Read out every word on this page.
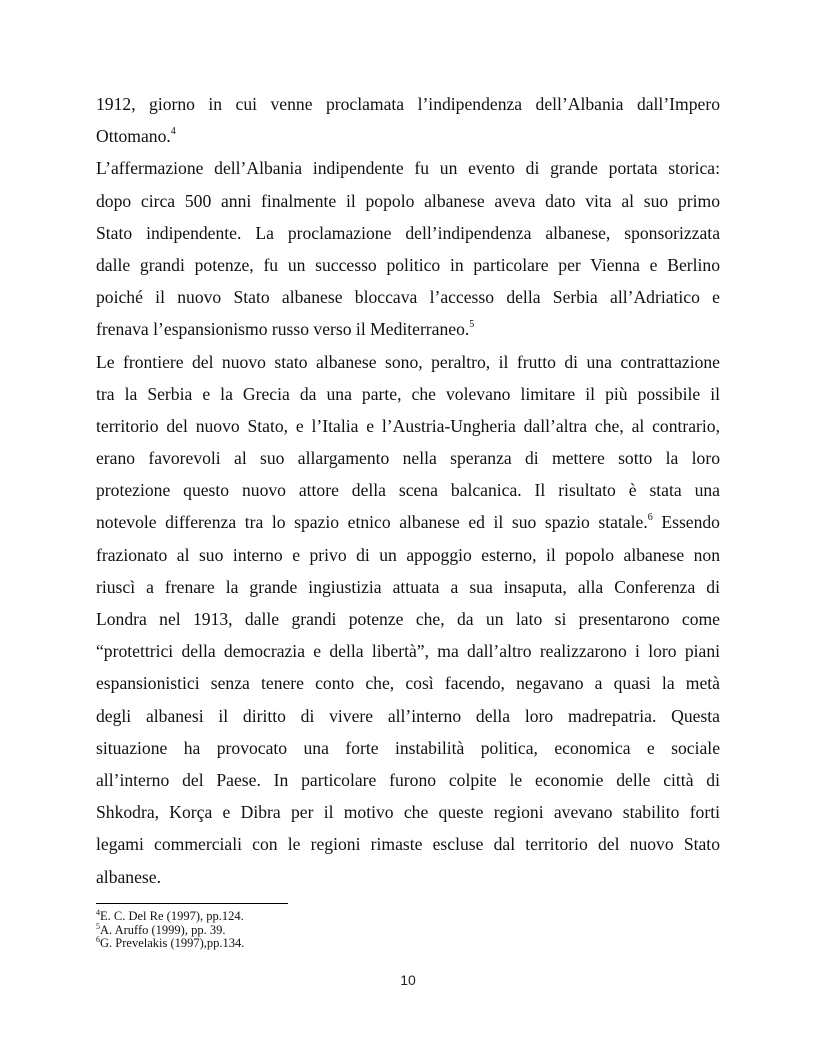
1912, giorno in cui venne proclamata l’indipendenza dell’Albania dall’Impero
Ottomano.$^4$
L’affermazione dell’Albania indipendente fu un evento di grande portata storica:
dopo circa 500 anni finalmente il popolo albanese aveva dato vita al suo primo
Stato indipendente. La proclamazione dell’indipendenza albanese, sponsorizzata
dalle grandi potenze, fu un successo politico in particolare per Vienna e Berlino
poiché il nuovo Stato albanese bloccava l’accesso della Serbia all’Adriatico e
frenava l’espansionismo russo verso il Mediterraneo.$^5$
Le frontiere del nuovo stato albanese sono, peraltro, il frutto di una contrattazione
tra la Serbia e la Grecia da una parte, che volevano limitare il più possibile il
territorio del nuovo Stato, e l’Italia e l’Austria-Ungheria dall’altra che, al contrario,
erano favorevoli al suo allargamento nella speranza di mettere sotto la loro
protezione questo nuovo attore della scena balcanica. Il risultato è stata una
notevole differenza tra lo spazio etnico albanese ed il suo spazio statale.$^6$ Essendo
frazionato al suo interno e privo di un appoggio esterno, il popolo albanese non
riuscì a frenare la grande ingiustizia attuata a sua insaputa, alla Conferenza di
Londra nel 1913, dalle grandi potenze che, da un lato si presentarono come
“protettrici della democrazia e della libertà”, ma dall’altro realizzarono i loro piani
espansionistici senza tenere conto che, così facendo, negavano a quasi la metà
degli albanesi il diritto di vivere all’interno della loro madrepatria. Questa
situazione ha provocato una forte instabilità politica, economica e sociale
all’interno del Paese. In particolare furono colpite le economie delle città di
Shkodra, Korça e Dibra per il motivo che queste regioni avevano stabilito forti
legami commerciali con le regioni rimaste escluse dal territorio del nuovo Stato
albanese.
$^4$E. C. Del Re (1997), pp.124.
$^5$A. Aruffo (1999), pp. 39.
$^6$G. Prevelakis (1997),pp.134.
10
